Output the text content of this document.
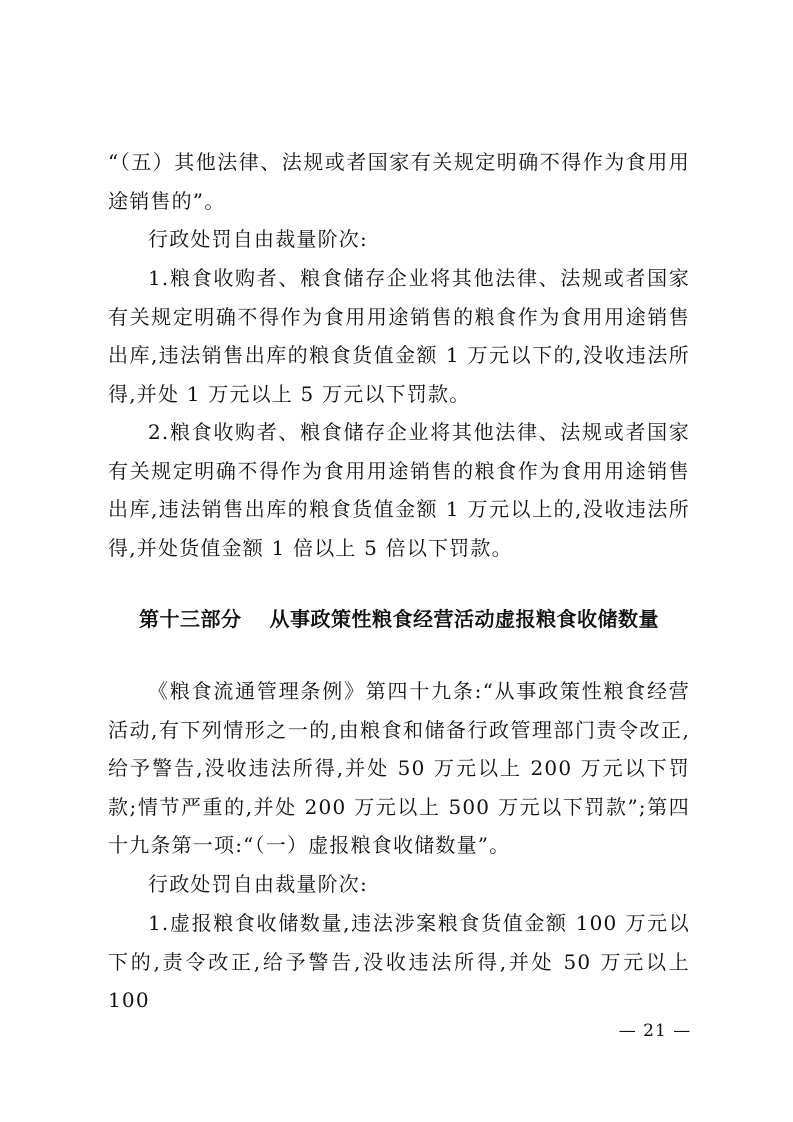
“（五）其他法律、法规或者国家有关规定明确不得作为食用用途销售的”。

行政处罚自由裁量阶次:

1.粮食收购者、粮食储存企业将其他法律、法规或者国家有关规定明确不得作为食用用途销售的粮食作为食用用途销售出库,违法销售出库的粮食货值金额 1 万元以下的,没收违法所得,并处 1 万元以上 5 万元以下罚款。

2.粮食收购者、粮食储存企业将其他法律、法规或者国家有关规定明确不得作为食用用途销售的粮食作为食用用途销售出库,违法销售出库的粮食货值金额 1 万元以上的,没收违法所得,并处货值金额 1 倍以上 5 倍以下罚款。

第十三部分 从事政策性粮食经营活动虚报粮食收储数量

《粮食流通管理条例》第四十九条:“从事政策性粮食经营活动,有下列情形之一的,由粮食和储备行政管理部门责令改正,给予警告,没收违法所得,并处 50 万元以上 200 万元以下罚款;情节严重的,并处 200 万元以上 500 万元以下罚款”;第四十九条第一项:“（一）虚报粮食收储数量”。

行政处罚自由裁量阶次:

1.虚报粮食收储数量,违法涉案粮食货值金额 100 万元以下的,责令改正,给予警告,没收违法所得,并处 50 万元以上 100

— 21 —
